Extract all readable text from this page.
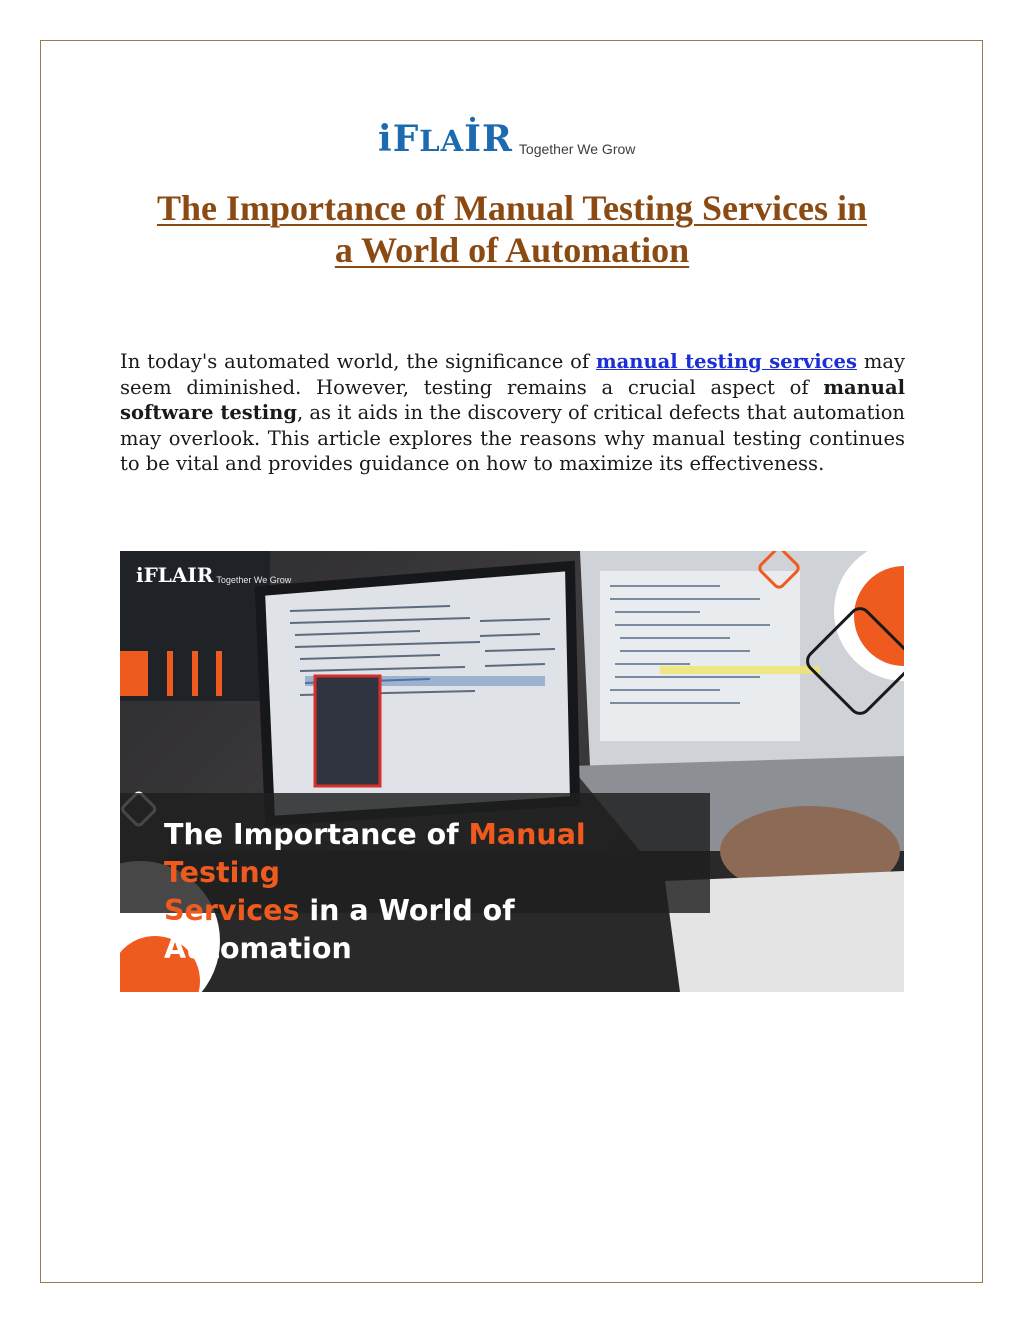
iFLAİR Together We Grow
The Importance of Manual Testing Services in
a World of Automation

In today's automated world, the significance of manual testing services may seem diminished. However, testing remains a crucial aspect of manual software testing, as it aids in the discovery of critical defects that automation may overlook. This article explores the reasons why manual testing continues to be vital and provides guidance on how to maximize its effectiveness.

iFLAIR Together We Grow

The Importance of Manual Testing
Services in a World of Automation
